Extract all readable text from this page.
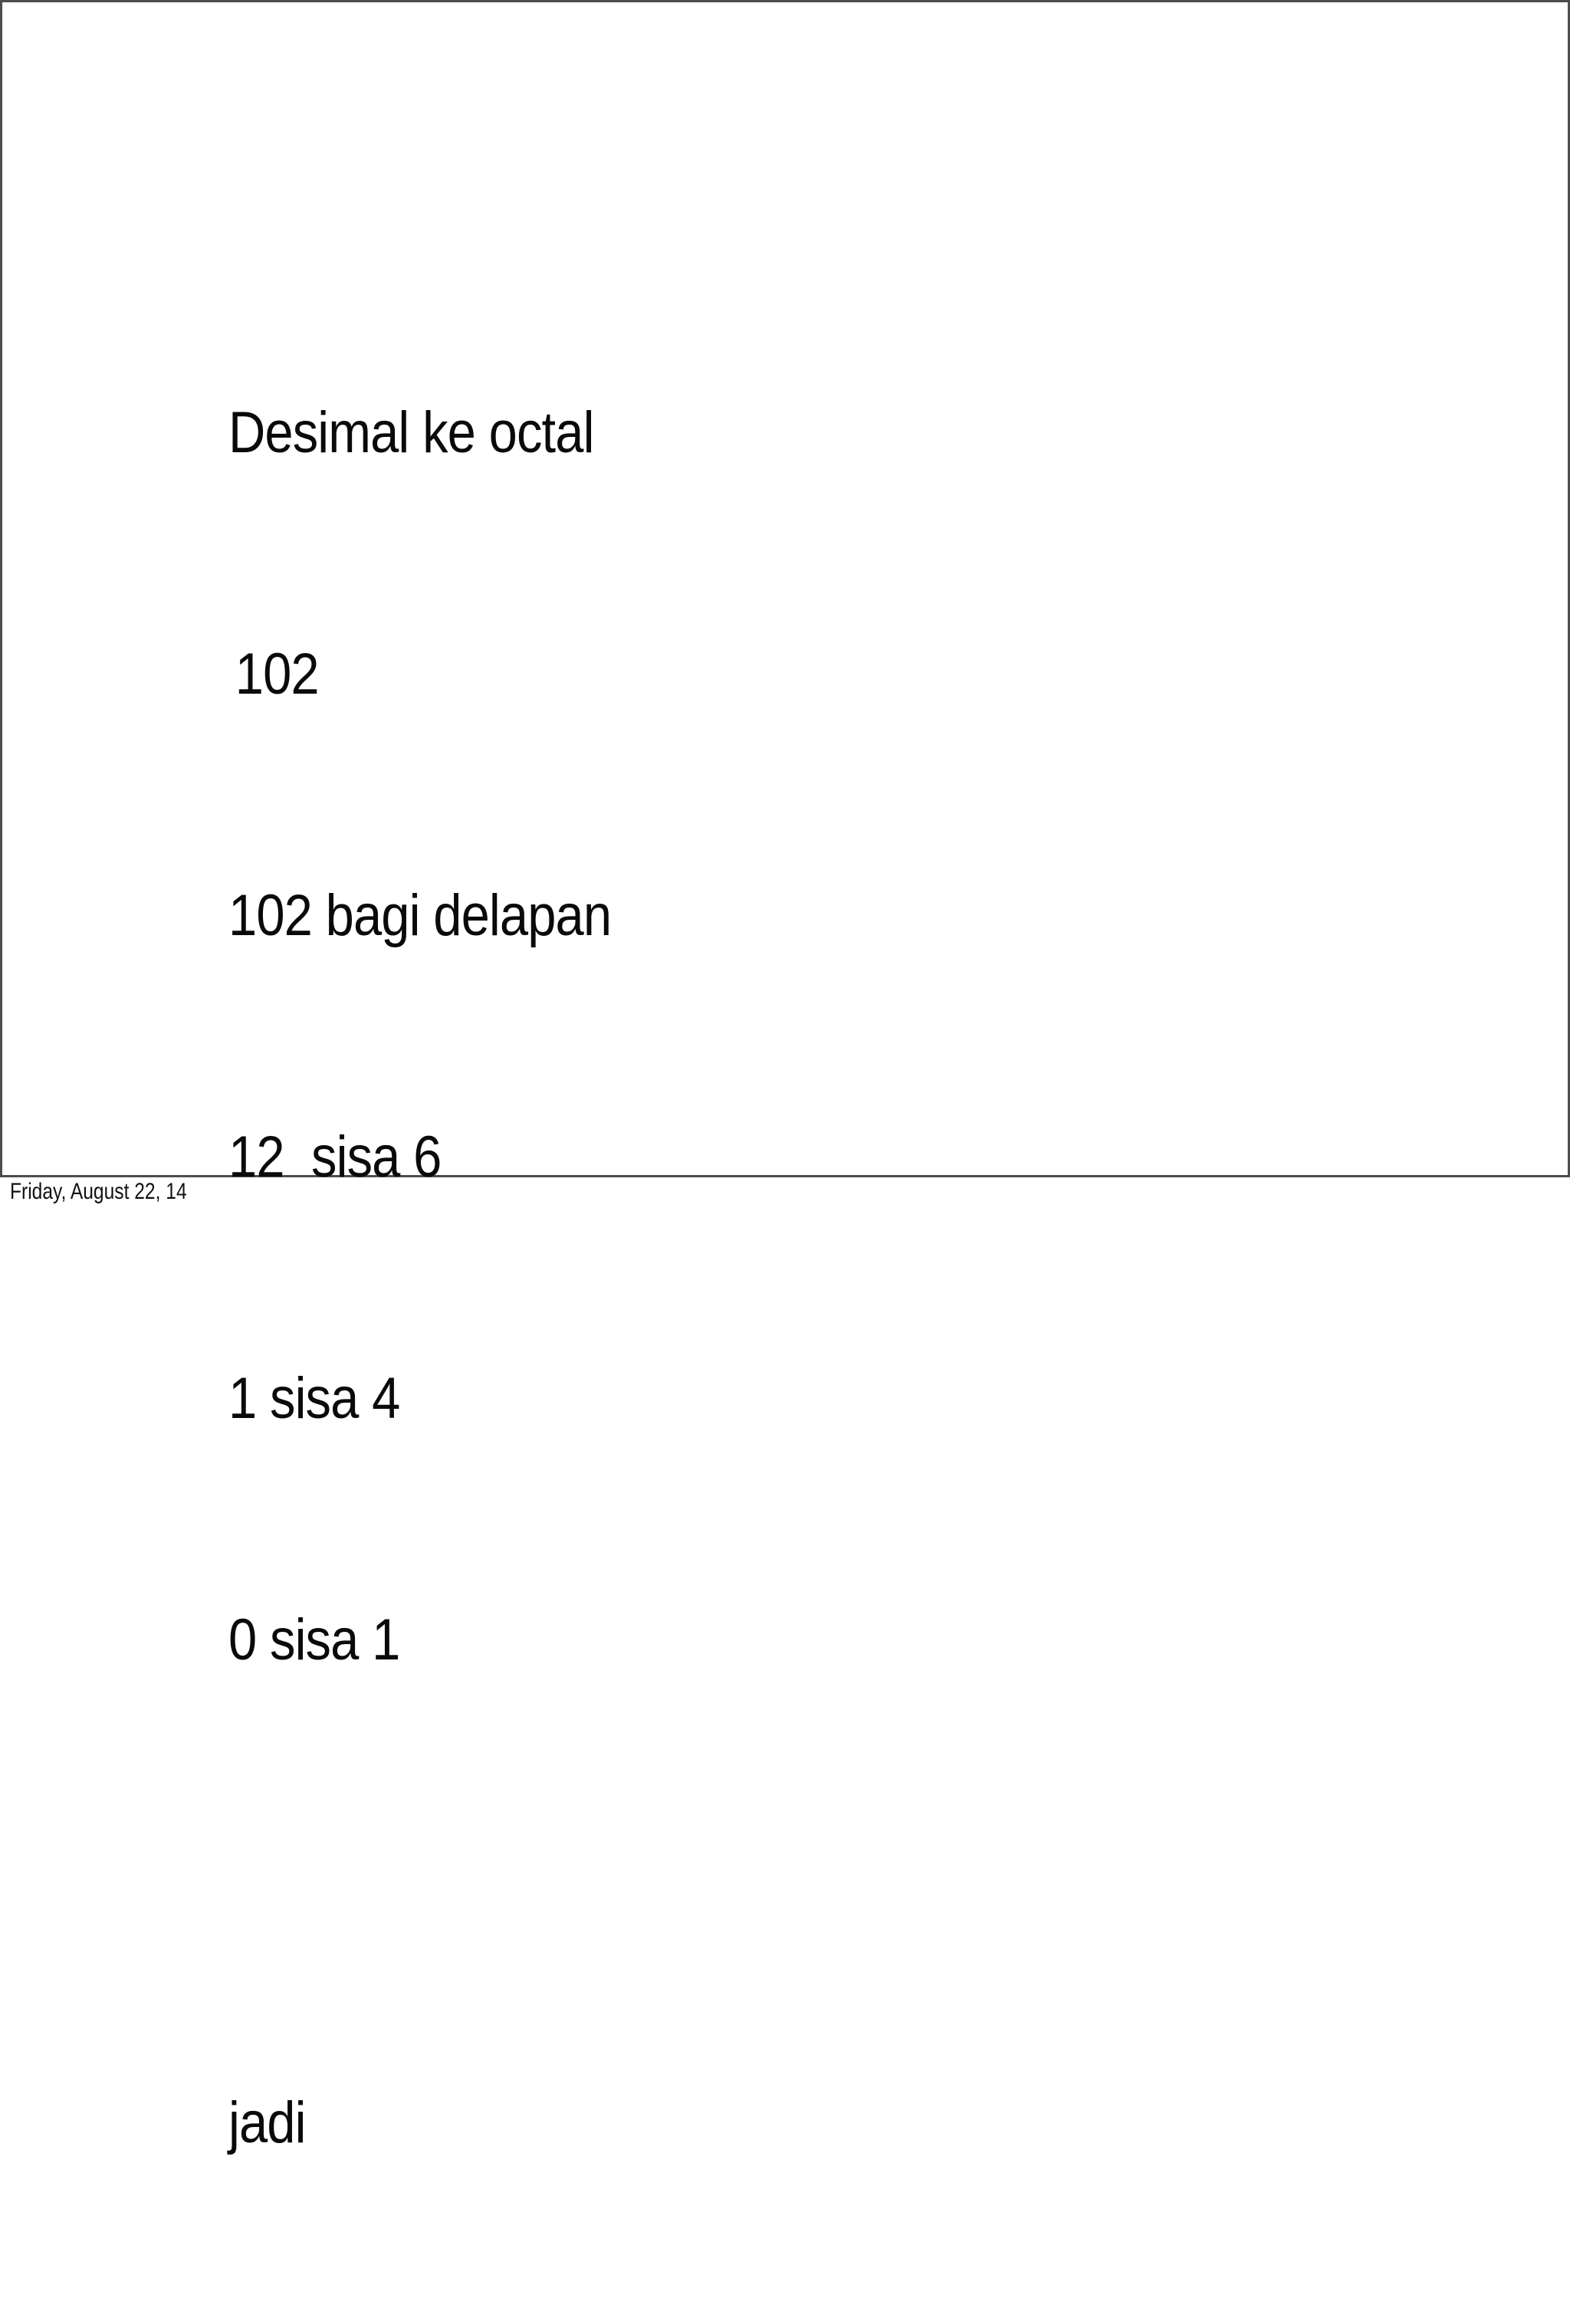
Desimal ke octal

102

102 bagi delapan

12  sisa 6

1 sisa 4

0 sisa 1

jadi

Friday, August 22, 14
